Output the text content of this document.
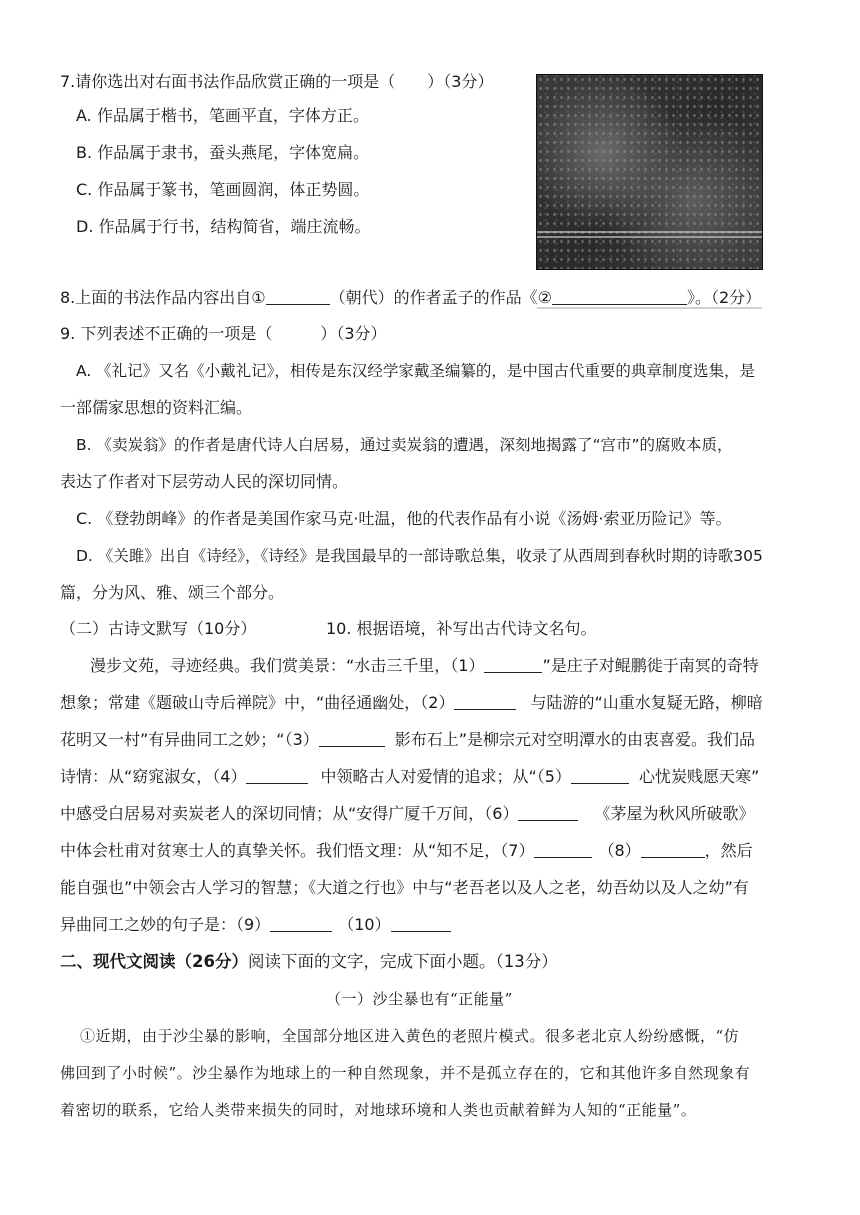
7.请你选出对右面书法作品欣赏正确的一项是（　　）（3分）
A. 作品属于楷书，笔画平直，字体方正。
B. 作品属于隶书，蚕头燕尾，字体宽扁。
C. 作品属于篆书，笔画圆润，体正势圆。
D. 作品属于行书，结构简省，端庄流畅。
8.上面的书法作品内容出自①	（朝代）的作者孟子的作品《②	》。（2分）
9. 下列表述不正确的一项是（　　　）（3分）
A. 《礼记》又名《小戴礼记》，相传是东汉经学家戴圣编纂的，是中国古代重要的典章制度选集，是
一部儒家思想的资料汇编。
B. 《卖炭翁》的作者是唐代诗人白居易，通过卖炭翁的遭遇，深刻地揭露了“宫市”的腐败本质，
表达了作者对下层劳动人民的深切同情。
C. 《登勃朗峰》的作者是美国作家马克·吐温，他的代表作品有小说《汤姆·索亚历险记》等。
D. 《关雎》出自《诗经》，《诗经》是我国最早的一部诗歌总集，收录了从西周到春秋时期的诗歌305
篇，分为风、雅、颂三个部分。
（二）古诗文默写（10分）	10. 根据语境，补写出古代诗文名句。
漫步文苑，寻迹经典。我们赏美景：“水击三千里，（1）	”是庄子对鲲鹏徙于南冥的奇特
想象；常建《题破山寺后禅院》中，“曲径通幽处，（2）	与陆游的“山重水复疑无路，柳暗
花明又一村”有异曲同工之妙；“（3）	影布石上”是柳宗元对空明潭水的由衷喜爱。我们品
诗情：从“窈窕淑女，（4）	中领略古人对爱情的追求；从“（5）	心忧炭贱愿天寒”
中感受白居易对卖炭老人的深切同情；从“安得广厦千万间，（6）	《茅屋为秋风所破歌》
中体会杜甫对贫寒士人的真挚关怀。我们悟文理：从“知不足，（7）	（8）	，然后
能自强也”中领会古人学习的智慧；《大道之行也》中与“老吾老以及人之老，幼吾幼以及人之幼”有
异曲同工之妙的句子是：（9）	（10）
二、现代文阅读（26分）阅读下面的文字，完成下面小题。（13分）
（一）沙尘暴也有“正能量”
①近期，由于沙尘暴的影响，全国部分地区进入黄色的老照片模式。很多老北京人纷纷感慨，“仿
佛回到了小时候”。沙尘暴作为地球上的一种自然现象，并不是孤立存在的，它和其他许多自然现象有
着密切的联系，它给人类带来损失的同时，对地球环境和人类也贡献着鲜为人知的“正能量”。
